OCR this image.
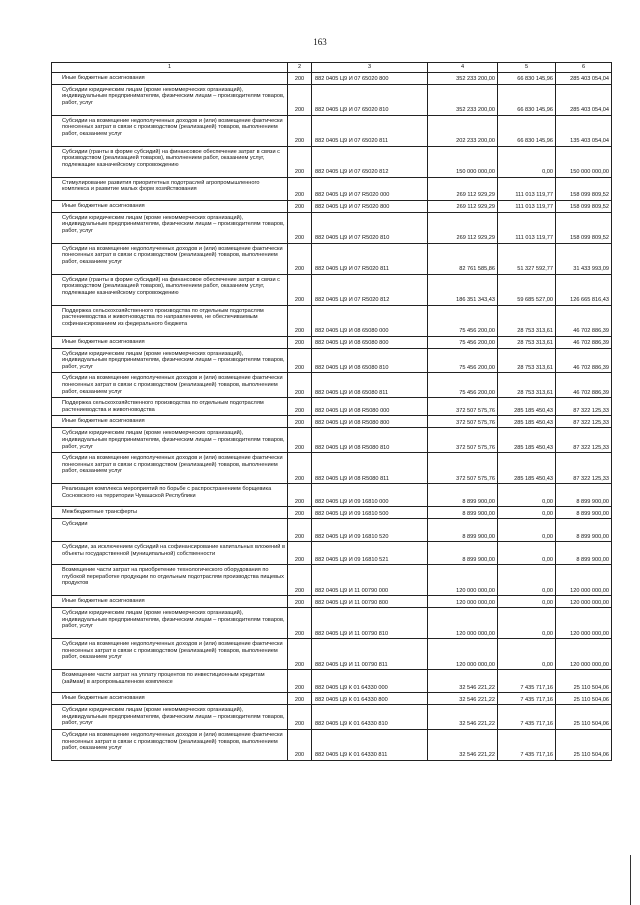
163
1	2	3	4	5	6
Иные бюджетные ассигнования	200	882 0405 Ц9 И 07 65020 800	352 233 200,00	66 830 145,96	285 403 054,04
Субсидии юридическим лицам (кроме некоммерческих организаций), индивидуальным предпринимателям, физическим лицам – производителям товаров, работ, услуг	200	882 0405 Ц9 И 07 65020 810	352 233 200,00	66 830 145,96	285 403 054,04
Субсидии на возмещение недополученных доходов и (или) возмещение фактически понесенных затрат в связи с производством (реализацией) товаров, выполнением работ, оказанием услуг	200	882 0405 Ц9 И 07 65020 811	202 233 200,00	66 830 145,96	135 403 054,04
Субсидии (гранты в форме субсидий) на финансовое обеспечение затрат в связи с производством (реализацией товаров), выполнением работ, оказанием услуг, подлежащие казначейскому сопровождению	200	882 0405 Ц9 И 07 65020 812	150 000 000,00	0,00	150 000 000,00
Стимулирование развития приоритетных подотраслей агропромышленного комплекса и развитие малых форм хозяйствования	200	882 0405 Ц9 И 07 R5020 000	269 112 929,29	111 013 119,77	158 099 809,52
Иные бюджетные ассигнования	200	882 0405 Ц9 И 07 R5020 800	269 112 929,29	111 013 119,77	158 099 809,52
Субсидии юридическим лицам (кроме некоммерческих организаций), индивидуальным предпринимателям, физическим лицам – производителям товаров, работ, услуг	200	882 0405 Ц9 И 07 R5020 810	269 112 929,29	111 013 119,77	158 099 809,52
Субсидии на возмещение недополученных доходов и (или) возмещение фактически понесенных затрат в связи с производством (реализацией) товаров, выполнением работ, оказанием услуг	200	882 0405 Ц9 И 07 R5020 811	82 761 585,86	51 327 592,77	31 433 993,09
Субсидии (гранты в форме субсидий) на финансовое обеспечение затрат в связи с производством (реализацией товаров), выполнением работ, оказанием услуг, подлежащие казначейскому сопровождению	200	882 0405 Ц9 И 07 R5020 812	186 351 343,43	59 685 527,00	126 665 816,43
Поддержка сельскохозяйственного производства по отдельным подотраслям растениеводства и животноводства по направлениям, не обеспечиваемым софинансированием из федерального бюджета	200	882 0405 Ц9 И 08 65080 000	75 456 200,00	28 753 313,61	46 702 886,39
Иные бюджетные ассигнования	200	882 0405 Ц9 И 08 65080 800	75 456 200,00	28 753 313,61	46 702 886,39
Субсидии юридическим лицам (кроме некоммерческих организаций), индивидуальным предпринимателям, физическим лицам – производителям товаров, работ, услуг	200	882 0405 Ц9 И 08 65080 810	75 456 200,00	28 753 313,61	46 702 886,39
Субсидии на возмещение недополученных доходов и (или) возмещение фактически понесенных затрат в связи с производством (реализацией) товаров, выполнением работ, оказанием услуг	200	882 0405 Ц9 И 08 65080 811	75 456 200,00	28 753 313,61	46 702 886,39
Поддержка сельскохозяйственного производства по отдельным подотраслям растениеводства и животноводства	200	882 0405 Ц9 И 08 R5080 000	372 507 575,76	285 185 450,43	87 322 125,33
Иные бюджетные ассигнования	200	882 0405 Ц9 И 08 R5080 800	372 507 575,76	285 185 450,43	87 322 125,33
Субсидии юридическим лицам (кроме некоммерческих организаций), индивидуальным предпринимателям, физическим лицам – производителям товаров, работ, услуг	200	882 0405 Ц9 И 08 R5080 810	372 507 575,76	285 185 450,43	87 322 125,33
Субсидии на возмещение недополученных доходов и (или) возмещение фактически понесенных затрат в связи с производством (реализацией) товаров, выполнением работ, оказанием услуг	200	882 0405 Ц9 И 08 R5080 811	372 507 575,76	285 185 450,43	87 322 125,33
Реализация комплекса мероприятий по борьбе с распространением борщевика Сосновского на территории Чувашской Республики	200	882 0405 Ц9 И 09 16810 000	8 899 900,00	0,00	8 899 900,00
Межбюджетные трансферты	200	882 0405 Ц9 И 09 16810 500	8 899 900,00	0,00	8 899 900,00
Субсидии	200	882 0405 Ц9 И 09 16810 520	8 899 900,00	0,00	8 899 900,00
Субсидии, за исключением субсидий на софинансирование капитальных вложений в объекты государственной (муниципальной) собственности	200	882 0405 Ц9 И 09 16810 521	8 899 900,00	0,00	8 899 900,00
Возмещение части затрат на приобретение технологического оборудования по глубокой переработке продукции по отдельным подотраслям производства пищевых продуктов	200	882 0405 Ц9 И 11 00790 000	120 000 000,00	0,00	120 000 000,00
Иные бюджетные ассигнования	200	882 0405 Ц9 И 11 00790 800	120 000 000,00	0,00	120 000 000,00
Субсидии юридическим лицам (кроме некоммерческих организаций), индивидуальным предпринимателям, физическим лицам – производителям товаров, работ, услуг	200	882 0405 Ц9 И 11 00790 810	120 000 000,00	0,00	120 000 000,00
Субсидии на возмещение недополученных доходов и (или) возмещение фактически понесенных затрат в связи с производством (реализацией) товаров, выполнением работ, оказанием услуг	200	882 0405 Ц9 И 11 00790 811	120 000 000,00	0,00	120 000 000,00
Возмещение части затрат на уплату процентов по инвестиционным кредитам (займам) в агропромышленном комплексе	200	882 0405 Ц9 К 01 64330 000	32 546 221,22	7 435 717,16	25 110 504,06
Иные бюджетные ассигнования	200	882 0405 Ц9 К 01 64330 800	32 546 221,22	7 435 717,16	25 110 504,06
Субсидии юридическим лицам (кроме некоммерческих организаций), индивидуальным предпринимателям, физическим лицам – производителям товаров, работ, услуг	200	882 0405 Ц9 К 01 64330 810	32 546 221,22	7 435 717,16	25 110 504,06
Субсидии на возмещение недополученных доходов и (или) возмещение фактически понесенных затрат в связи с производством (реализацией) товаров, выполнением работ, оказанием услуг	200	882 0405 Ц9 К 01 64330 811	32 546 221,22	7 435 717,16	25 110 504,06
